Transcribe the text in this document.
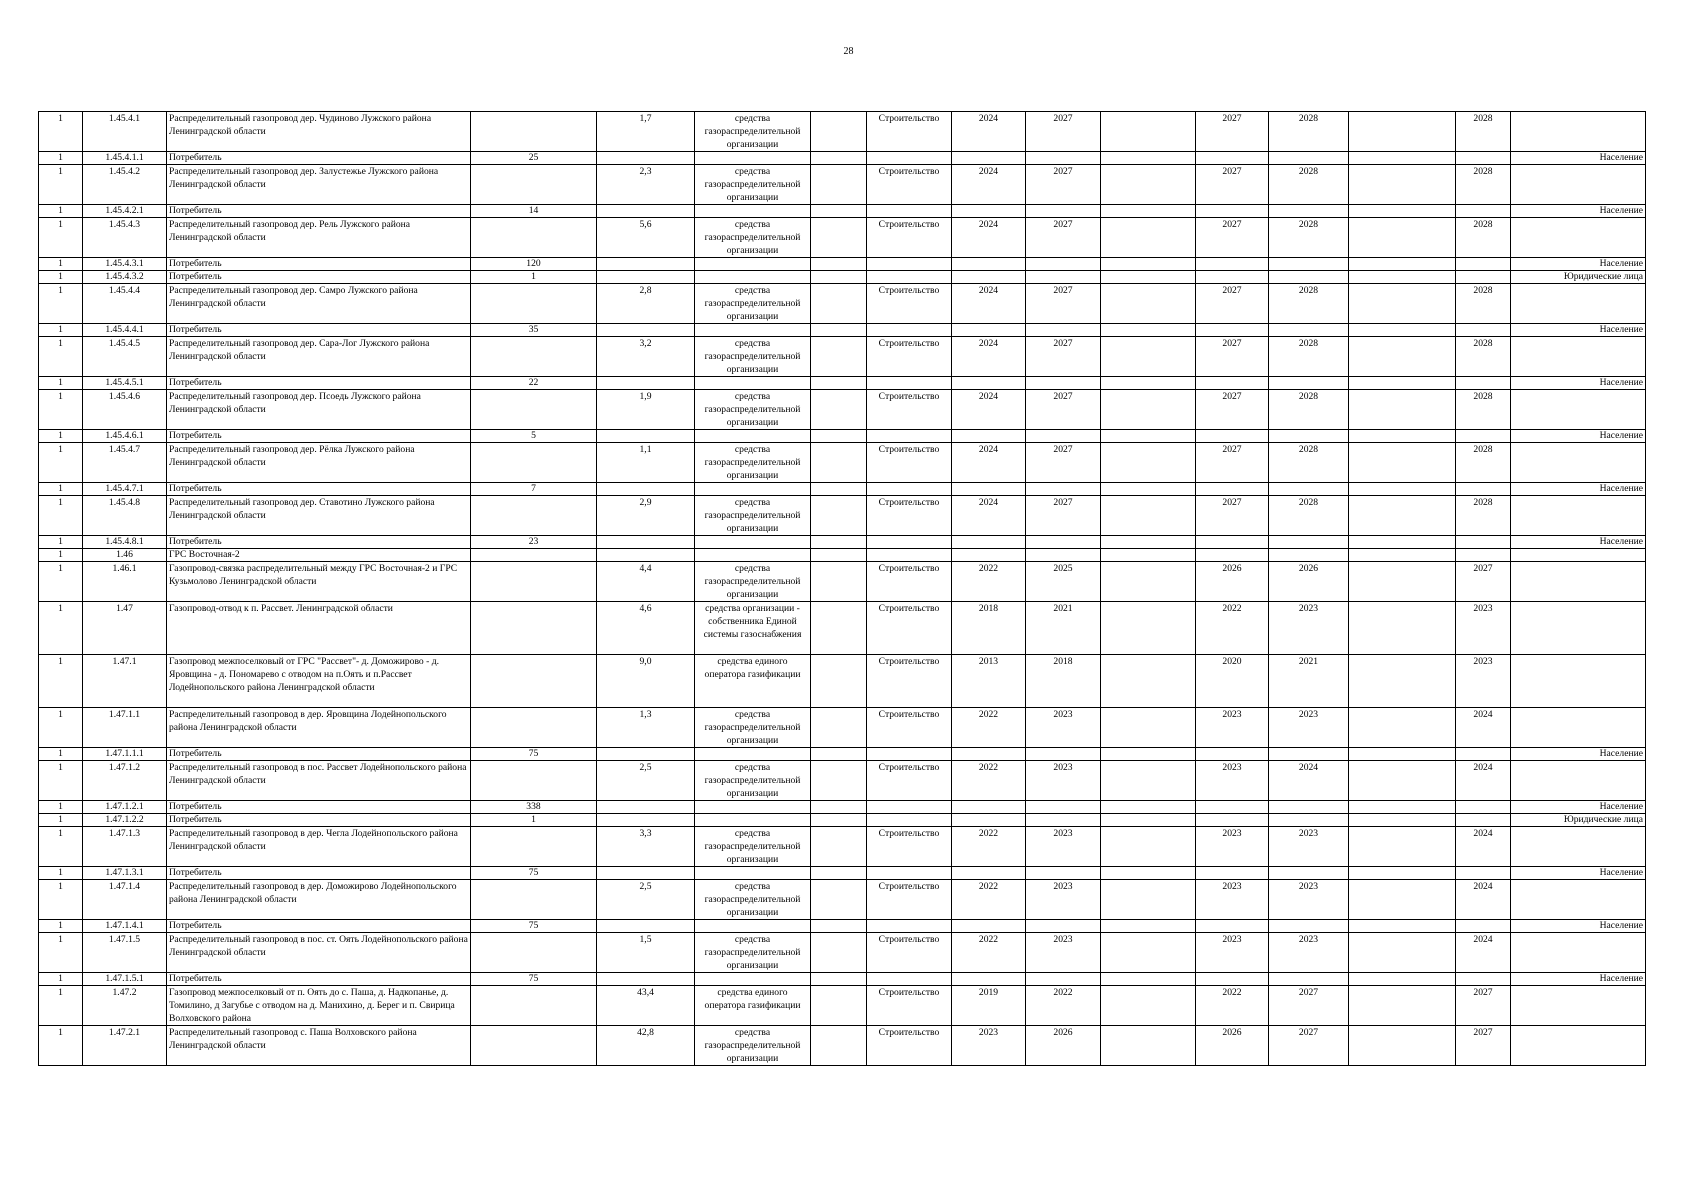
28
1	1.45.4.1	Распределительный газопровод дер. Чудиново Лужского района Ленинградской области		1,7	средства газораспределительной организации		Строительство	2024	2027		2027	2028		2028	
1	1.45.4.1.1	Потребитель	25												Население
1	1.45.4.2	Распределительный газопровод дер. Залустежье Лужского района Ленинградской области		2,3	средства газораспределительной организации		Строительство	2024	2027		2027	2028		2028	
1	1.45.4.2.1	Потребитель	14												Население
1	1.45.4.3	Распределительный газопровод дер. Рель Лужского района Ленинградской области		5,6	средства газораспределительной организации		Строительство	2024	2027		2027	2028		2028	
1	1.45.4.3.1	Потребитель	120												Население
1	1.45.4.3.2	Потребитель	1												Юридические лица
1	1.45.4.4	Распределительный газопровод дер. Самро Лужского района Ленинградской области		2,8	средства газораспределительной организации		Строительство	2024	2027		2027	2028		2028	
1	1.45.4.4.1	Потребитель	35												Население
1	1.45.4.5	Распределительный газопровод дер. Сара-Лог Лужского района Ленинградской области		3,2	средства газораспределительной организации		Строительство	2024	2027		2027	2028		2028	
1	1.45.4.5.1	Потребитель	22												Население
1	1.45.4.6	Распределительный газопровод дер. Псоедь Лужского района Ленинградской области		1,9	средства газораспределительной организации		Строительство	2024	2027		2027	2028		2028	
1	1.45.4.6.1	Потребитель	5												Население
1	1.45.4.7	Распределительный газопровод дер. Рёлка Лужского района Ленинградской области		1,1	средства газораспределительной организации		Строительство	2024	2027		2027	2028		2028	
1	1.45.4.7.1	Потребитель	7												Население
1	1.45.4.8	Распределительный газопровод дер. Ставотино Лужского района Ленинградской области		2,9	средства газораспределительной организации		Строительство	2024	2027		2027	2028		2028	
1	1.45.4.8.1	Потребитель	23												Население
1	1.46	ГРС Восточная-2													
1	1.46.1	Газопровод-связка распределительный между ГРС Восточная-2 и ГРС Кузьмолово Ленинградской области		4,4	средства газораспределительной организации		Строительство	2022	2025		2026	2026		2027	
1	1.47	Газопровод-отвод к п. Рассвет. Ленинградской области		4,6	средства организации - собственника Единой системы газоснабжения		Строительство	2018	2021		2022	2023		2023	
1	1.47.1	Газопровод межпоселковый от ГРС "Рассвет"- д. Доможирово - д. Яровщина - д. Пономарево с отводом на п.Оять и п.Рассвет Лодейнопольского района Ленинградской области		9,0	средства единого оператора газификации		Строительство	2013	2018		2020	2021		2023	
1	1.47.1.1	Распределительный газопровод в дер. Яровщина Лодейнопольского района Ленинградской области		1,3	средства газораспределительной организации		Строительство	2022	2023		2023	2023		2024	
1	1.47.1.1.1	Потребитель	75												Население
1	1.47.1.2	Распределительный газопровод в пос. Рассвет Лодейнопольского района Ленинградской области		2,5	средства газораспределительной организации		Строительство	2022	2023		2023	2024		2024	
1	1.47.1.2.1	Потребитель	338												Население
1	1.47.1.2.2	Потребитель	1												Юридические лица
1	1.47.1.3	Распределительный газопровод в дер. Чегла Лодейнопольского района Ленинградской области		3,3	средства газораспределительной организации		Строительство	2022	2023		2023	2023		2024	
1	1.47.1.3.1	Потребитель	75												Население
1	1.47.1.4	Распределительный газопровод в дер. Доможирово Лодейнопольского района Ленинградской области		2,5	средства газораспределительной организации		Строительство	2022	2023		2023	2023		2024	
1	1.47.1.4.1	Потребитель	75												Население
1	1.47.1.5	Распределительный газопровод в пос. ст. Оять Лодейнопольского района Ленинградской области		1,5	средства газораспределительной организации		Строительство	2022	2023		2023	2023		2024	
1	1.47.1.5.1	Потребитель	75												Население
1	1.47.2	Газопровод межпоселковый от п. Оять до с. Паша, д. Надкопанье, д. Томилино, д Загубье с отводом на д. Манихино, д. Берег и п. Свирица Волховского района		43,4	средства единого оператора газификации		Строительство	2019	2022		2022	2027		2027	
1	1.47.2.1	Распределительный газопровод с. Паша Волховского района Ленинградской области		42,8	средства газораспределительной организации		Строительство	2023	2026		2026	2027		2027	
